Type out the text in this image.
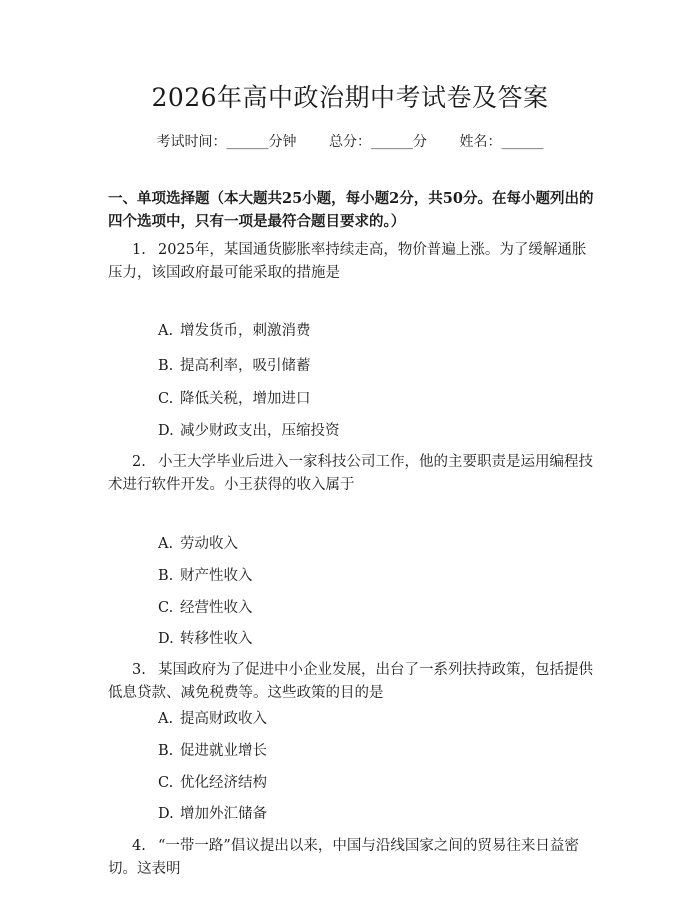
2026年高中政治期中考试卷及答案
考试时间：______分钟 总分：______分 姓名：______
一、单项选择题（本大题共25小题，每小题2分，共50分。在每小题列出的四个选项中，只有一项是最符合题目要求的。）
1. 2025年，某国通货膨胀率持续走高，物价普遍上涨。为了缓解通胀压力，该国政府最可能采取的措施是
A. 增发货币，刺激消费
B. 提高利率，吸引储蓄
C. 降低关税，增加进口
D. 减少财政支出，压缩投资
2. 小王大学毕业后进入一家科技公司工作，他的主要职责是运用编程技术进行软件开发。小王获得的收入属于
A. 劳动收入
B. 财产性收入
C. 经营性收入
D. 转移性收入
3. 某国政府为了促进中小企业发展，出台了一系列扶持政策，包括提供低息贷款、减免税费等。这些政策的目的是
A. 提高财政收入
B. 促进就业增长
C. 优化经济结构
D. 增加外汇储备
4. “一带一路”倡议提出以来，中国与沿线国家之间的贸易往来日益密切。这表明
